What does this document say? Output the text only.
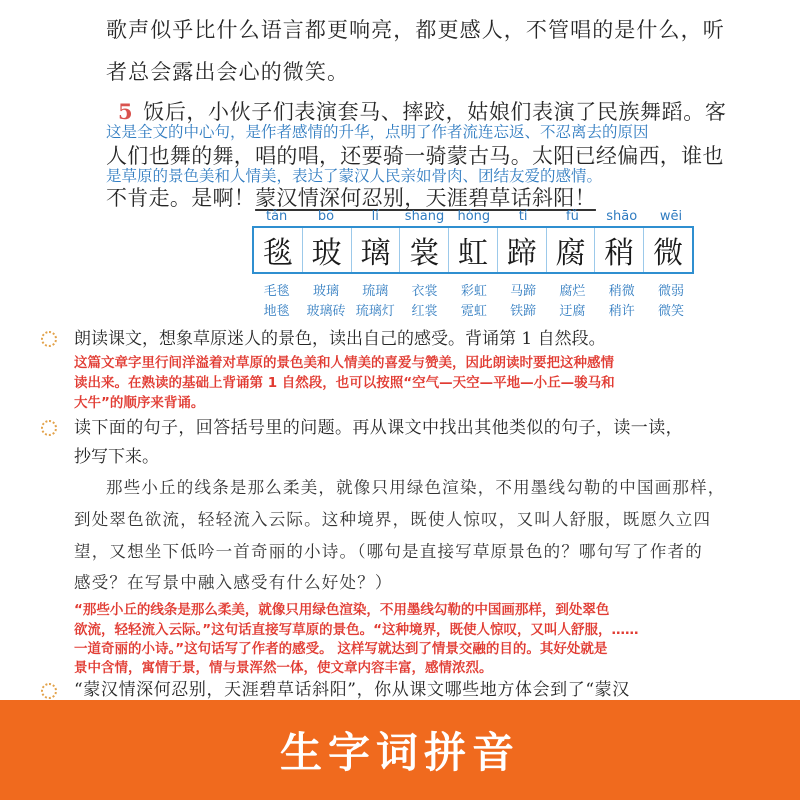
歌声似乎比什么语言都更响亮，都更感人，不管唱的是什么，听

者总会露出会心的微笑。

5 饭后，小伙子们表演套马、摔跤，姑娘们表演了民族舞蹈。客

这是全文的中心句，是作者感情的升华，点明了作者流连忘返、不忍离去的原因

人们也舞的舞，唱的唱，还要骑一骑蒙古马。太阳已经偏西，谁也

是草原的景色美和人情美，表达了蒙汉人民亲如骨肉、团结友爱的感情。

不肯走。是啊！蒙汉情深何忍别，天涯碧草话斜阳！

tǎn	bō	lí	shang	hóng	tí	fǔ	shāo	wēi
毯 玻 璃 裳 虹 蹄 腐 稍 微
毛毯	玻璃	琉璃	衣裳	彩虹	马蹄	腐烂	稍微	微弱
地毯	玻璃砖 琉璃灯	红裳	霓虹	铁蹄	迂腐	稍许	微笑

朗读课文，想象草原迷人的景色，读出自己的感受。背诵第 1 自然段。

这篇文章字里行间洋溢着对草原的景色美和人情美的喜爱与赞美，因此朗读时要把这种感情

读出来。在熟读的基础上背诵第 1 自然段，也可以按照“空气—天空—平地—小丘—骏马和

大牛”的顺序来背诵。

读下面的句子，回答括号里的问题。再从课文中找出其他类似的句子，读一读，

抄写下来。

那些小丘的线条是那么柔美，就像只用绿色渲染，不用墨线勾勒的中国画那样，

到处翠色欲流，轻轻流入云际。这种境界，既使人惊叹，又叫人舒服，既愿久立四

望，又想坐下低吟一首奇丽的小诗。（哪句是直接写草原景色的？哪句写了作者的

感受？在写景中融入感受有什么好处？）

“那些小丘的线条是那么柔美，就像只用绿色渲染，不用墨线勾勒的中国画那样，到处翠色

欲流，轻轻流入云际。”这句话直接写草原的景色。“这种境界，既使人惊叹，又叫人舒服，……

一道奇丽的小诗。”这句话写了作者的感受。 这样写就达到了情景交融的目的。其好处就是

景中含情，寓情于景，情与景浑然一体，使文章内容丰富，感情浓烈。

“蒙汉情深何忍别，天涯碧草话斜阳”，你从课文哪些地方体会到了“蒙汉

生字词拼音
